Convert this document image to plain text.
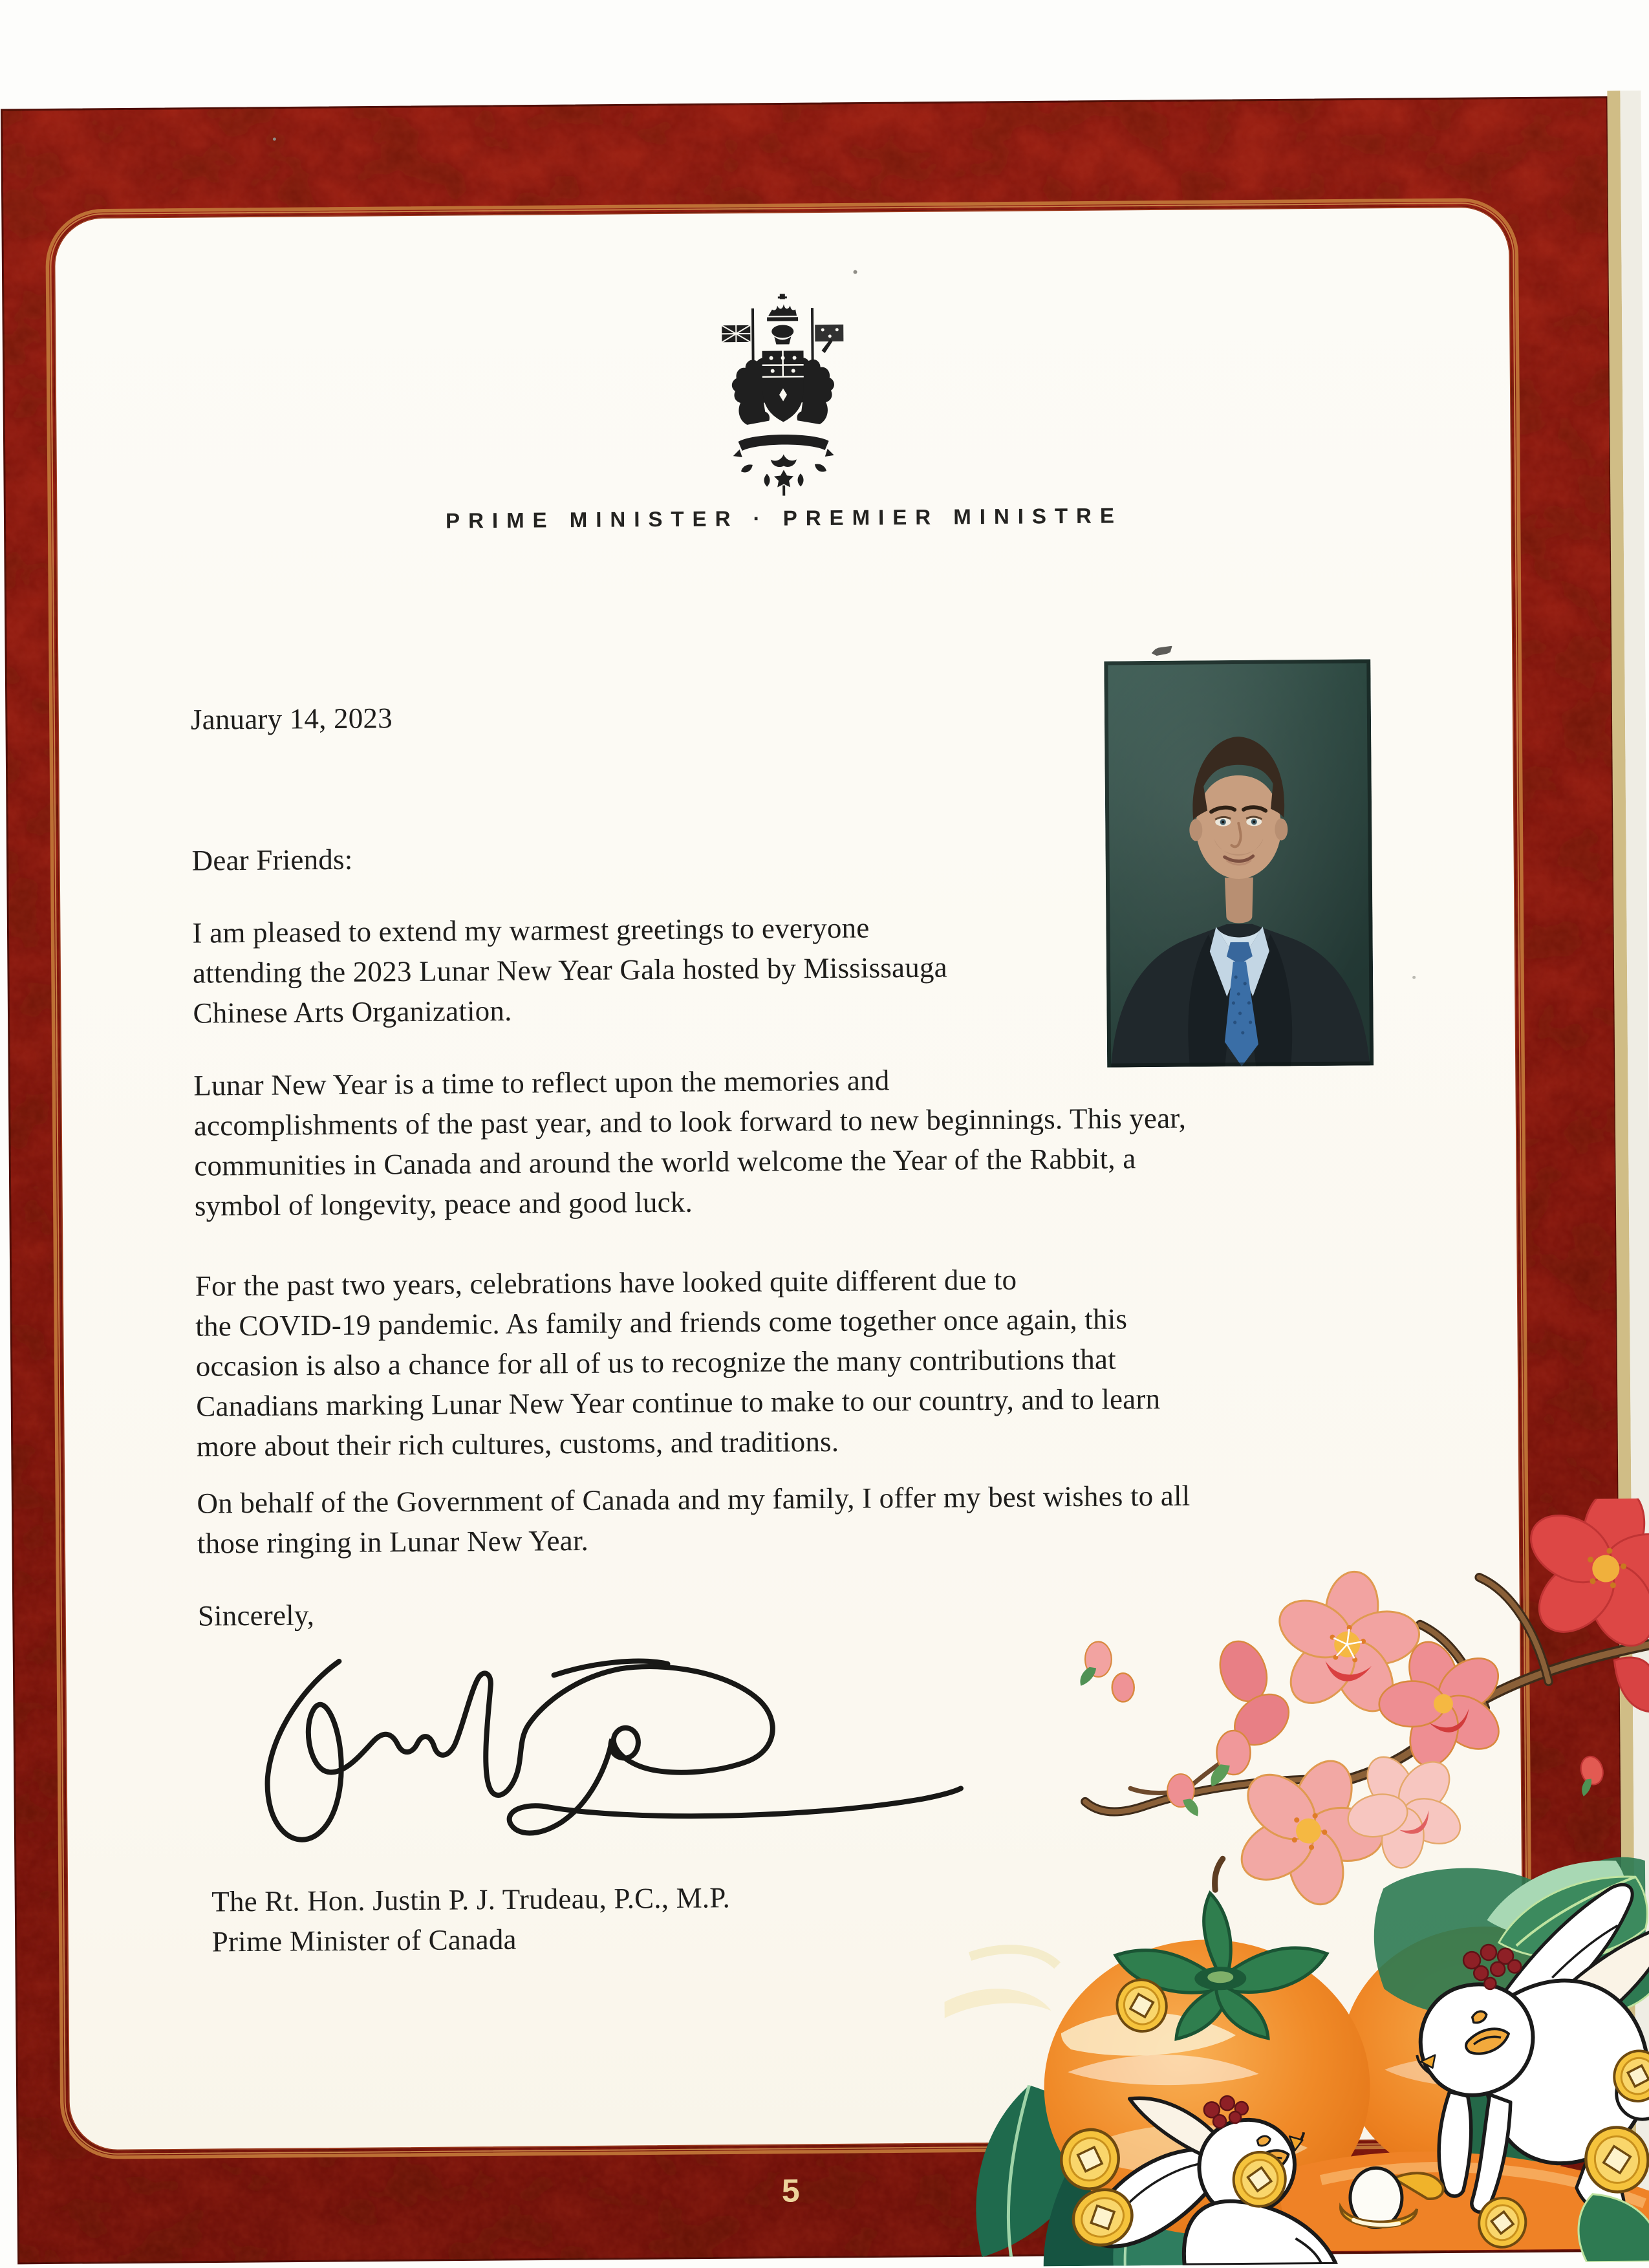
PRIME MINISTER · PREMIER MINISTRE
January 14, 2023
Dear Friends:
I am pleased to extend my warmest greetings to everyone
attending the 2023 Lunar New Year Gala hosted by Mississauga
Chinese Arts Organization.
Lunar New Year is a time to reflect upon the memories and
accomplishments of the past year, and to look forward to new beginnings. This year,
communities in Canada and around the world welcome the Year of the Rabbit, a
symbol of longevity, peace and good luck.
For the past two years, celebrations have looked quite different due to
the COVID-19 pandemic. As family and friends come together once again, this
occasion is also a chance for all of us to recognize the many contributions that
Canadians marking Lunar New Year continue to make to our country, and to learn
more about their rich cultures, customs, and traditions.
On behalf of the Government of Canada and my family, I offer my best wishes to all
those ringing in Lunar New Year.
Sincerely,
The Rt. Hon. Justin P. J. Trudeau, P.C., M.P.
Prime Minister of Canada
5
